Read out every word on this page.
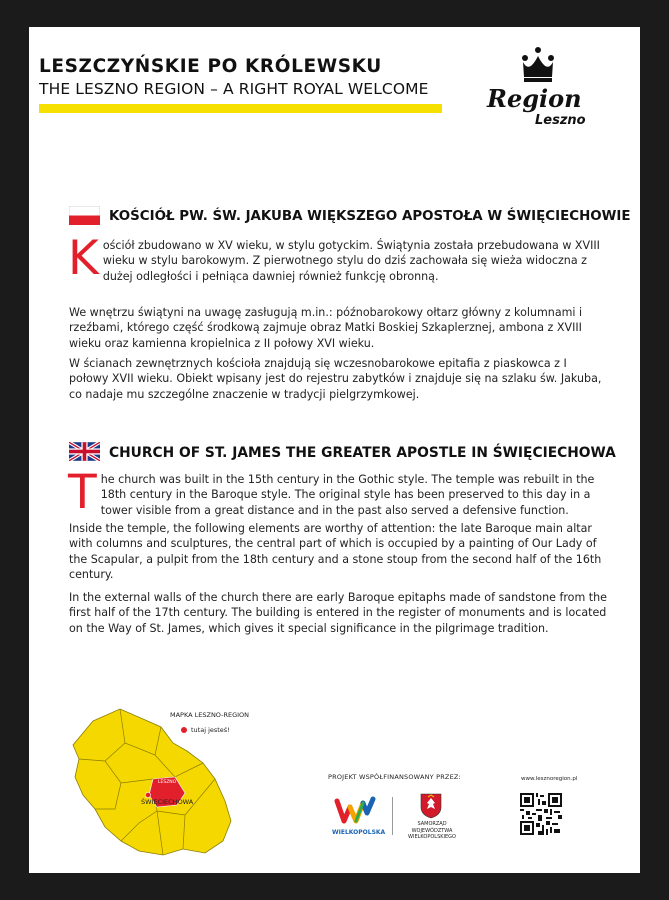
LESZCZYŃSKIE PO KRÓLEWSKU
THE LESZNO REGION – A RIGHT ROYAL WELCOME Region
Leszno
KOŚCIÓŁ PW. ŚW. JAKUBA WIĘKSZEGO APOSTOŁA W ŚWIĘCIECHOWIE

Kościół zbudowano w XV wieku, w stylu gotyckim. Świątynia została przebudowana w XVIII wieku w stylu barokowym. Z pierwotnego stylu do dziś zachowała się wieża widoczna z dużej odległości i pełniąca dawniej również funkcję obronną.

We wnętrzu świątyni na uwagę zasługują m.in.: późnobarokowy ołtarz główny z kolumnami i rzeźbami, którego część środkową zajmuje obraz Matki Boskiej Szkaplerznej, ambona z XVIII wieku oraz kamienna kropielnica z II połowy XVI wieku.

W ścianach zewnętrznych kościoła znajdują się wczesnobarokowe epitafia z piaskowca z I połowy XVII wieku. Obiekt wpisany jest do rejestru zabytków i znajduje się na szlaku św. Jakuba, co nadaje mu szczególne znaczenie w tradycji pielgrzymkowej.

CHURCH OF ST. JAMES THE GREATER APOSTLE IN ŚWIĘCIECHOWA

The church was built in the 15th century in the Gothic style. The temple was rebuilt in the 18th century in the Baroque style. The original style has been preserved to this day in a tower visible from a great distance and in the past also served a defensive function.

Inside the temple, the following elements are worthy of attention: the late Baroque main altar with columns and sculptures, the central part of which is occupied by a painting of Our Lady of the Scapular, a pulpit from the 18th century and a stone stoup from the second half of the 16th century.

In the external walls of the church there are early Baroque epitaphs made of sandstone from the first half of the 17th century. The building is entered in the register of monuments and is located on the Way of St. James, which gives it special significance in the pilgrimage tradition.

LESZNO
MAPKA LESZNO-REGION
tutaj jesteś!
ŚWIĘCIECHOWA
PROJEKT WSPÓŁFINANSOWANY PRZEZ:
WIELKOPOLSKA
SAMORZĄD WOJEWÓDZTWA WIELKOPOLSKIEGO
www.lesznoregion.pl
